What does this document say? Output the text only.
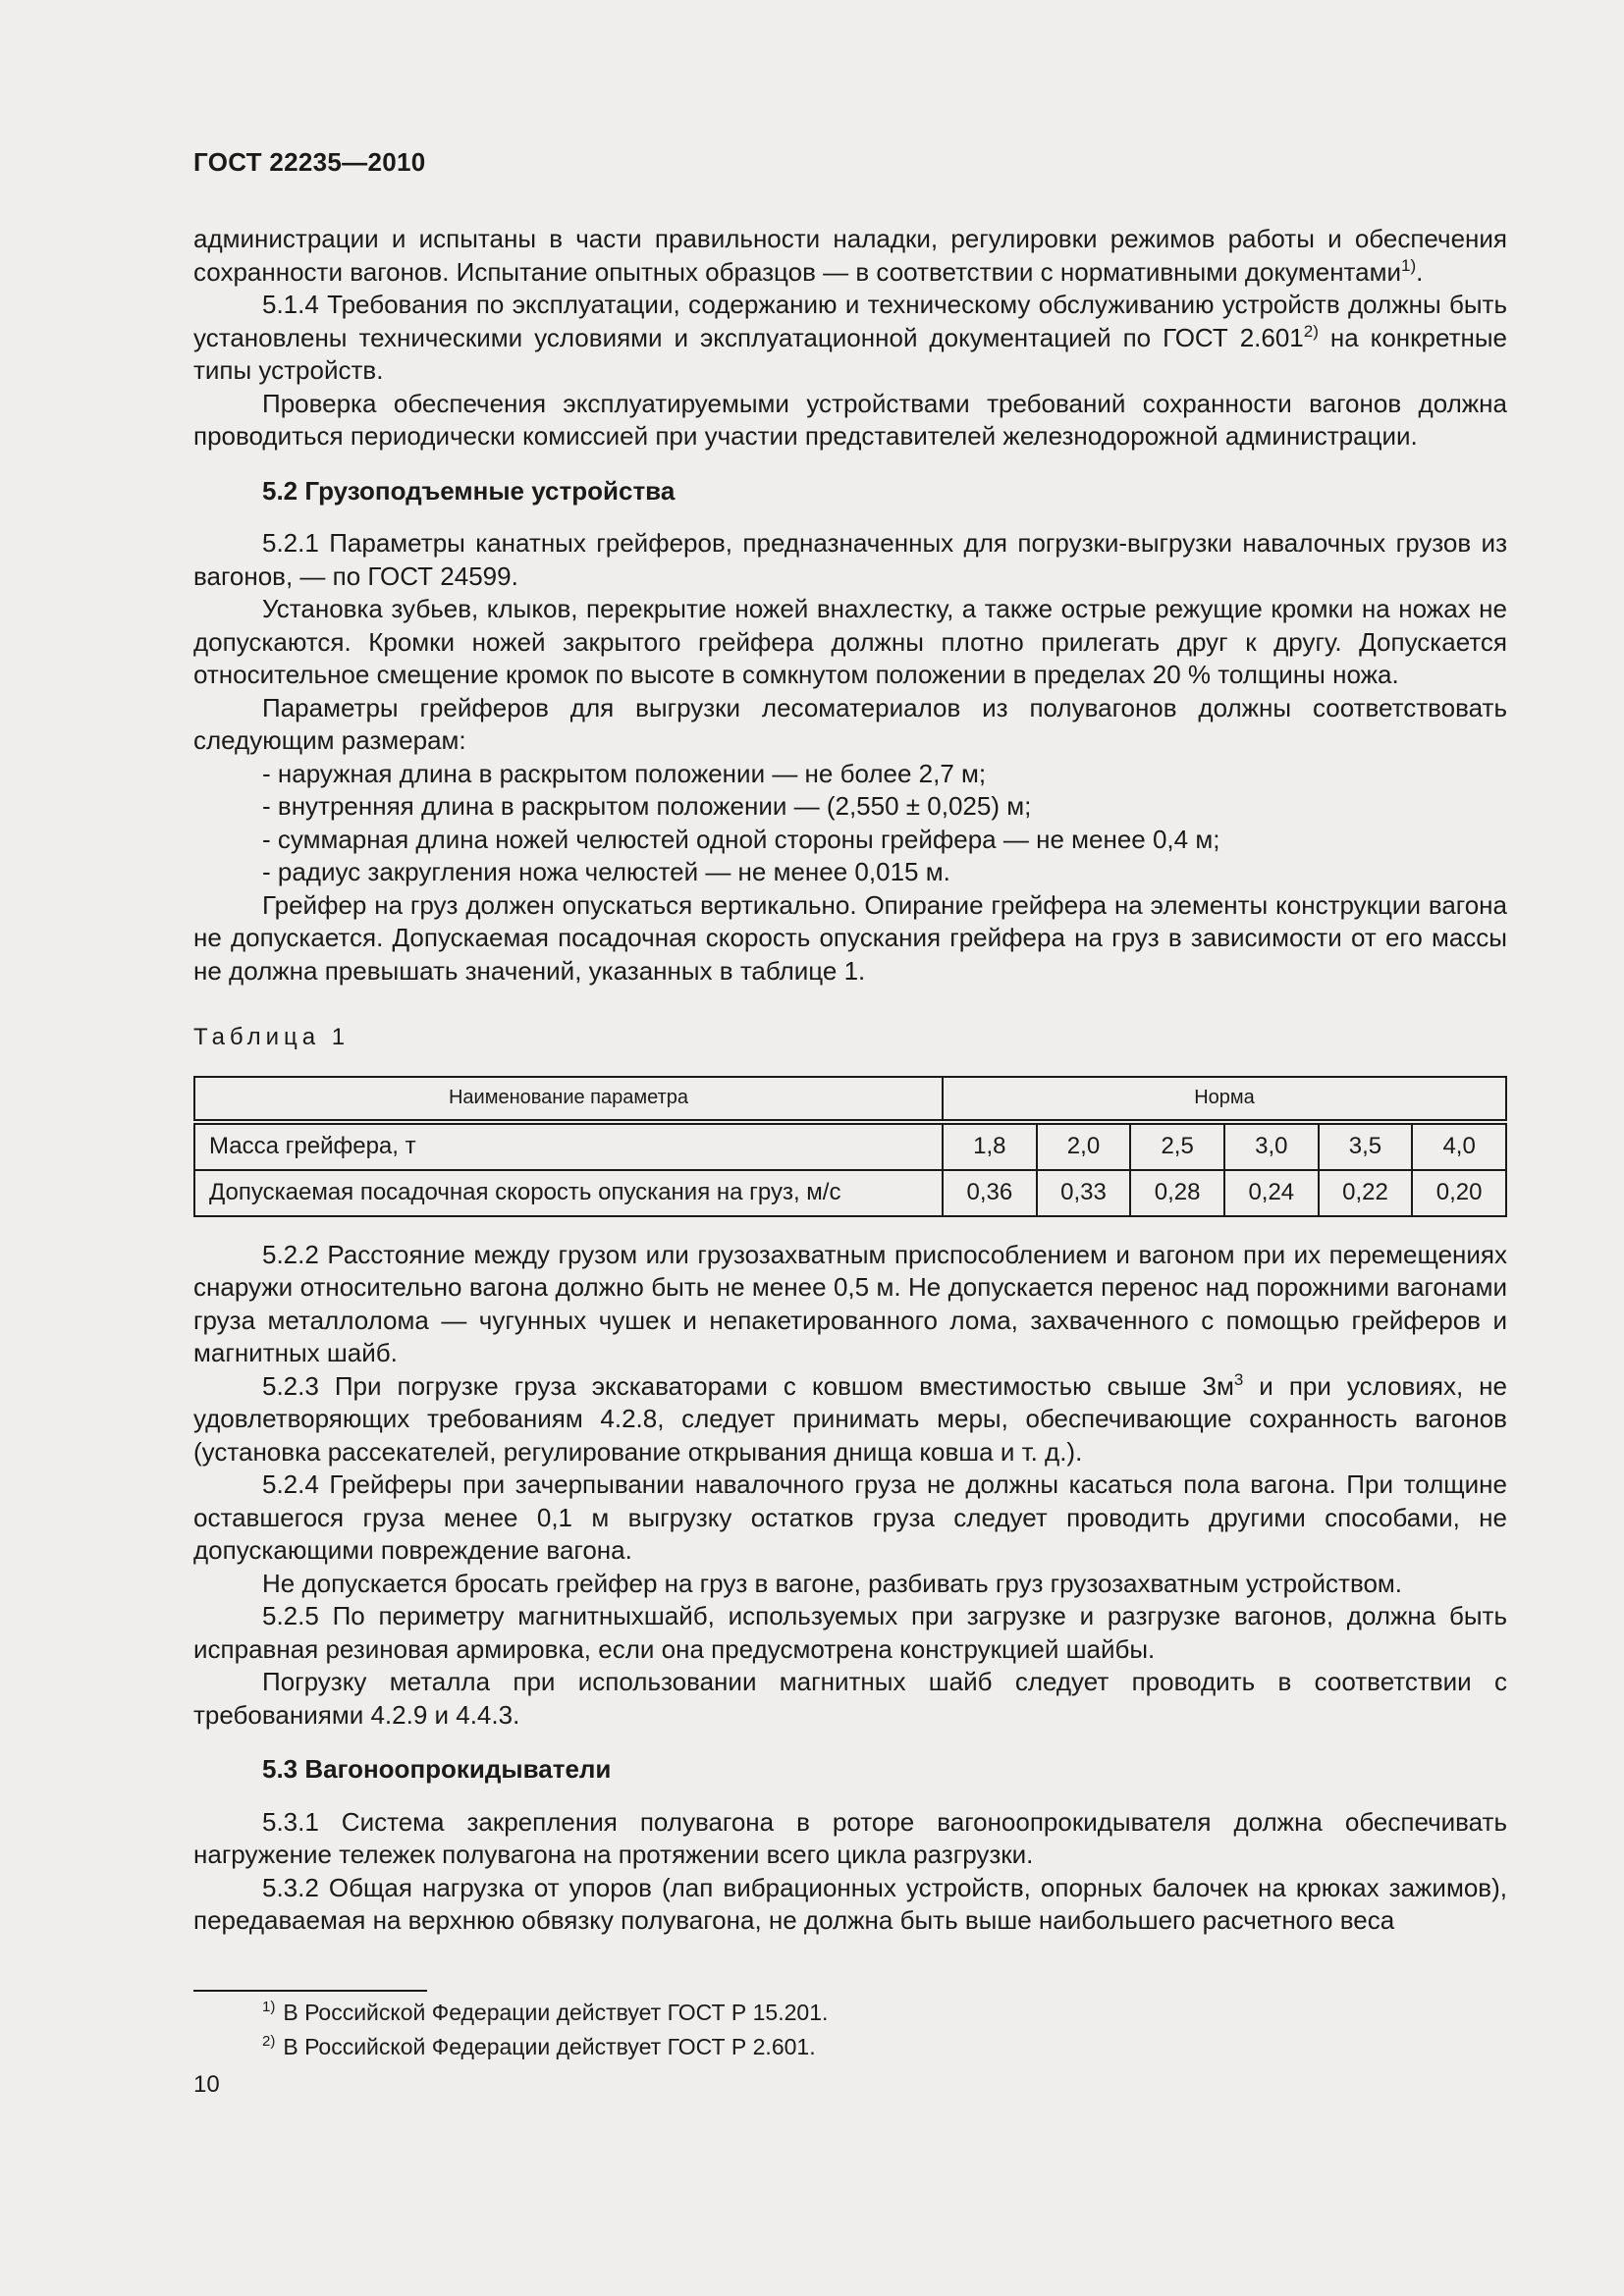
ГОСТ 22235—2010

администрации и испытаны в части правильности наладки, регулировки режимов работы и обеспечения сохранности вагонов. Испытание опытных образцов — в соответствии с нормативными документами$^{1)}$.

5.1.4 Требования по эксплуатации, содержанию и техническому обслуживанию устройств должны быть установлены техническими условиями и эксплуатационной документацией по ГОСТ 2.601$^{2)}$ на конкретные типы устройств.

Проверка обеспечения эксплуатируемыми устройствами требований сохранности вагонов должна проводиться периодически комиссией при участии представителей железнодорожной администрации.

5.2 Грузоподъемные устройства

5.2.1 Параметры канатных грейферов, предназначенных для погрузки-выгрузки навалочных грузов из вагонов, — по ГОСТ 24599.

Установка зубьев, клыков, перекрытие ножей внахлестку, а также острые режущие кромки на ножах не допускаются. Кромки ножей закрытого грейфера должны плотно прилегать друг к другу. Допускается относительное смещение кромок по высоте в сомкнутом положении в пределах 20 % толщины ножа.

Параметры грейферов для выгрузки лесоматериалов из полувагонов должны соответствовать следующим размерам:

- наружная длина в раскрытом положении — не более 2,7 м;

- внутренняя длина в раскрытом положении — (2,550 ± 0,025) м;

- суммарная длина ножей челюстей одной стороны грейфера — не менее 0,4 м;

- радиус закругления ножа челюстей — не менее 0,015 м.

Грейфер на груз должен опускаться вертикально. Опирание грейфера на элементы конструкции вагона не допускается. Допускаемая посадочная скорость опускания грейфера на груз в зависимости от его массы не должна превышать значений, указанных в таблице 1.

Таблица 1

Наименование параметра	Норма					
Масса грейфера, т	1,8	2,0	2,5	3,0	3,5	4,0
Допускаемая посадочная скорость опускания на груз, м/с	0,36	0,33	0,28	0,24	0,22	0,20

5.2.2 Расстояние между грузом или грузозахватным приспособлением и вагоном при их перемещениях снаружи относительно вагона должно быть не менее 0,5 м. Не допускается перенос над порожними вагонами груза металлолома — чугунных чушек и непакетированного лома, захваченного с помощью грейферов и магнитных шайб.

5.2.3 При погрузке груза экскаваторами с ковшом вместимостью свыше $3м^3$ и при условиях, не удовлетворяющих требованиям 4.2.8, следует принимать меры, обеспечивающие сохранность вагонов (установка рассекателей, регулирование открывания днища ковша и т. д.).

5.2.4 Грейферы при зачерпывании навалочного груза не должны касаться пола вагона. При толщине оставшегося груза менее 0,1 м выгрузку остатков груза следует проводить другими способами, не допускающими повреждение вагона.

Не допускается бросать грейфер на груз в вагоне, разбивать груз грузозахватным устройством.

5.2.5 По периметру магнитныхшайб, используемых при загрузке и разгрузке вагонов, должна быть исправная резиновая армировка, если она предусмотрена конструкцией шайбы.

Погрузку металла при использовании магнитных шайб следует проводить в соответствии с требованиями 4.2.9 и 4.4.3.

5.3 Вагоноопрокидыватели

5.3.1 Система закрепления полувагона в роторе вагоноопрокидывателя должна обеспечивать нагружение тележек полувагона на протяжении всего цикла разгрузки.

5.3.2 Общая нагрузка от упоров (лап вибрационных устройств, опорных балочек на крюках зажимов), передаваемая на верхнюю обвязку полувагона, не должна быть выше наибольшего расчетного веса

$^{1)}$ В Российской Федерации действует ГОСТ Р 15.201.
$^{2)}$ В Российской Федерации действует ГОСТ Р 2.601.
10
